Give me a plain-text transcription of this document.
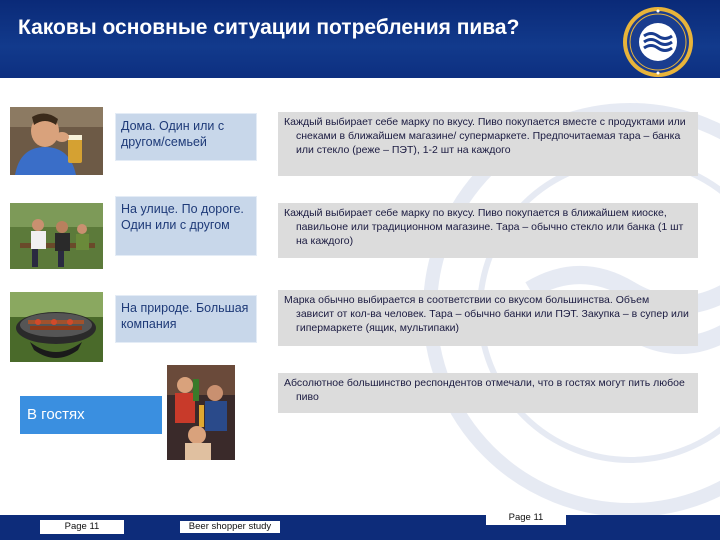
Каковы основные ситуации потребления пива?
Дома. Один или с другом/семьей
На улице. По дороге. Один или с другом
На природе. Большая компания
В гостях
Каждый выбирает себе марку по вкусу. Пиво покупается вместе с продуктами или снеками в ближайшем магазине/ супермаркете. Предпочитаемая тара – банка или стекло (реже – ПЭТ), 1-2 шт на каждого
Каждый выбирает себе марку по вкусу. Пиво покупается в ближайшем киоске, павильоне или традиционном магазине. Тара – обычно стекло или банка (1 шт на каждого)
Марка обычно выбирается в соответствии со вкусом большинства. Объем зависит от кол-ва человек. Тара – обычно банки или ПЭТ. Закупка – в супер или гипермаркете (ящик, мультипаки)
Абсолютное большинство респондентов отмечали, что в гостях могут пить любое пиво
Page 11	Beer shopper study
Page 11
